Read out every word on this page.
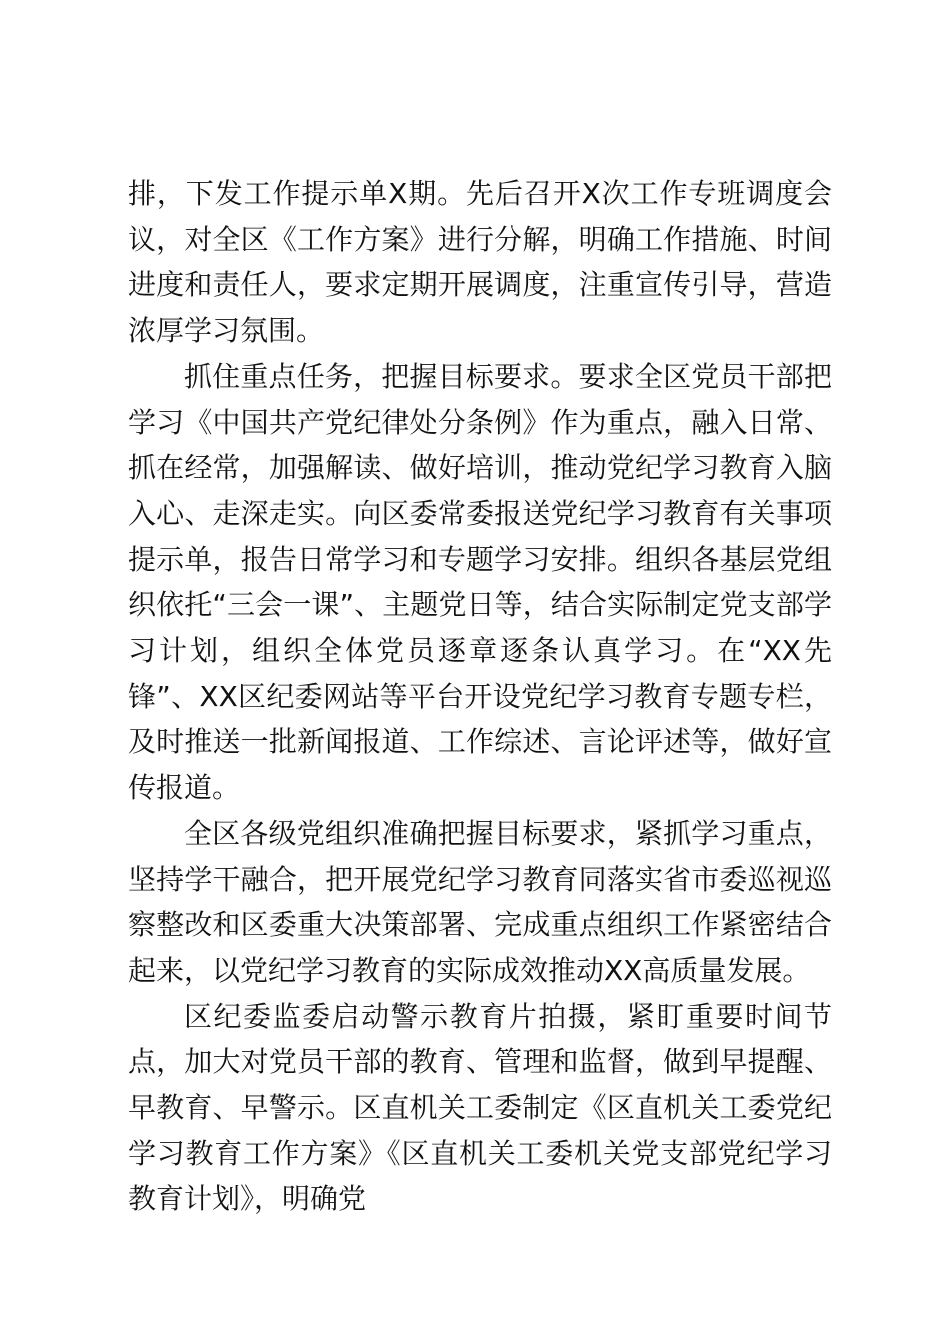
排，下发工作提示单X期。先后召开X次工作专班调度会议，对全区《工作方案》进行分解，明确工作措施、时间进度和责任人，要求定期开展调度，注重宣传引导，营造浓厚学习氛围。

抓住重点任务，把握目标要求。要求全区党员干部把学习《中国共产党纪律处分条例》作为重点，融入日常、抓在经常，加强解读、做好培训，推动党纪学习教育入脑入心、走深走实。向区委常委报送党纪学习教育有关事项提示单，报告日常学习和专题学习安排。组织各基层党组织依托“三会一课”、主题党日等，结合实际制定党支部学习计划，组织全体党员逐章逐条认真学习。在“XX先锋”、XX区纪委网站等平台开设党纪学习教育专题专栏，及时推送一批新闻报道、工作综述、言论评述等，做好宣传报道。

全区各级党组织准确把握目标要求，紧抓学习重点，坚持学干融合，把开展党纪学习教育同落实省市委巡视巡察整改和区委重大决策部署、完成重点组织工作紧密结合起来，以党纪学习教育的实际成效推动XX高质量发展。

区纪委监委启动警示教育片拍摄，紧盯重要时间节点，加大对党员干部的教育、管理和监督，做到早提醒、早教育、早警示。区直机关工委制定《区直机关工委党纪学习教育工作方案》《区直机关工委机关党支部党纪学习教育计划》，明确党
